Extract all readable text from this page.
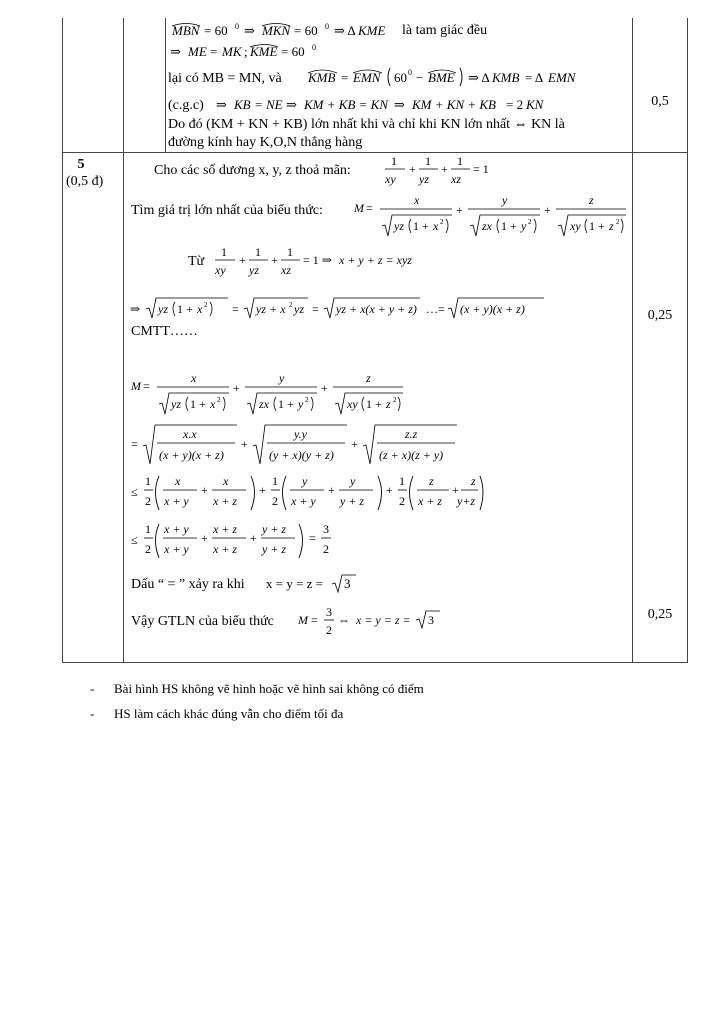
MBN = 60 0 ⇒ MKN = 60 0 ⇒ Δ KME là tam giác đều
⇒ ME = MK ; KME = 60 0
lại có MB = MN, và KMB = EMN 60 0 − BME ⇒ Δ KMB = Δ EMN
(c.g.c) ⇒ KB = NE ⇒ KM + KB = KN ⇒ KM + KN + KB = 2 KN
Do đó (KM + KN + KB) lớn nhất khi và chỉ khi KN lớn nhất ⇔ KN là
đường kính hay K,O,N thẳng hàng
0,5
5
(0,5 đ)
Cho các số dương x, y, z thoả mãn:
1
xy
+
1
yz
+
1
xz
= 1
Tìm giá trị lớn nhất của biểu thức:	M =
x
yz 1 + x 2
+
y
zx 1 + y 2
+
z
xy 1 + z 2
Từ
1
xy
+
1
yz
+
1
xz
= 1 ⇒ x + y + z = xyz
⇒ yz 1 + x 2 = yz + x 2 yz = yz + x(x + y + z) …= (x + y)(x + z)
CMTT……
0,25
M =
x
yz 1 + x 2
+
y
zx 1 + y 2
+
z
xy 1 + z 2
=
x.x
(x + y)(x + z)
+
y.y
(y + x)(y + z)
+
z.z
(z + x)(z + y)
≤
1
2
x
x + y
+
x
x + z
+
1
2
y
x + y
+
y
y + z
+
1
2
z
x + z
+
z
y+z
≤
1
2
x + y
x + y
+
x + z
x + z
+
y + z
y + z
=
3
2
Dấu “ = ” xảy ra khi x = y = z = 3
Vậy GTLN của biểu thức M =
3
2
⇔ x = y = z = 3	0,25
- Bài hình HS không vẽ hình hoặc vẽ hình sai không có điểm
- HS làm cách khác đúng vẫn cho điểm tối đa
